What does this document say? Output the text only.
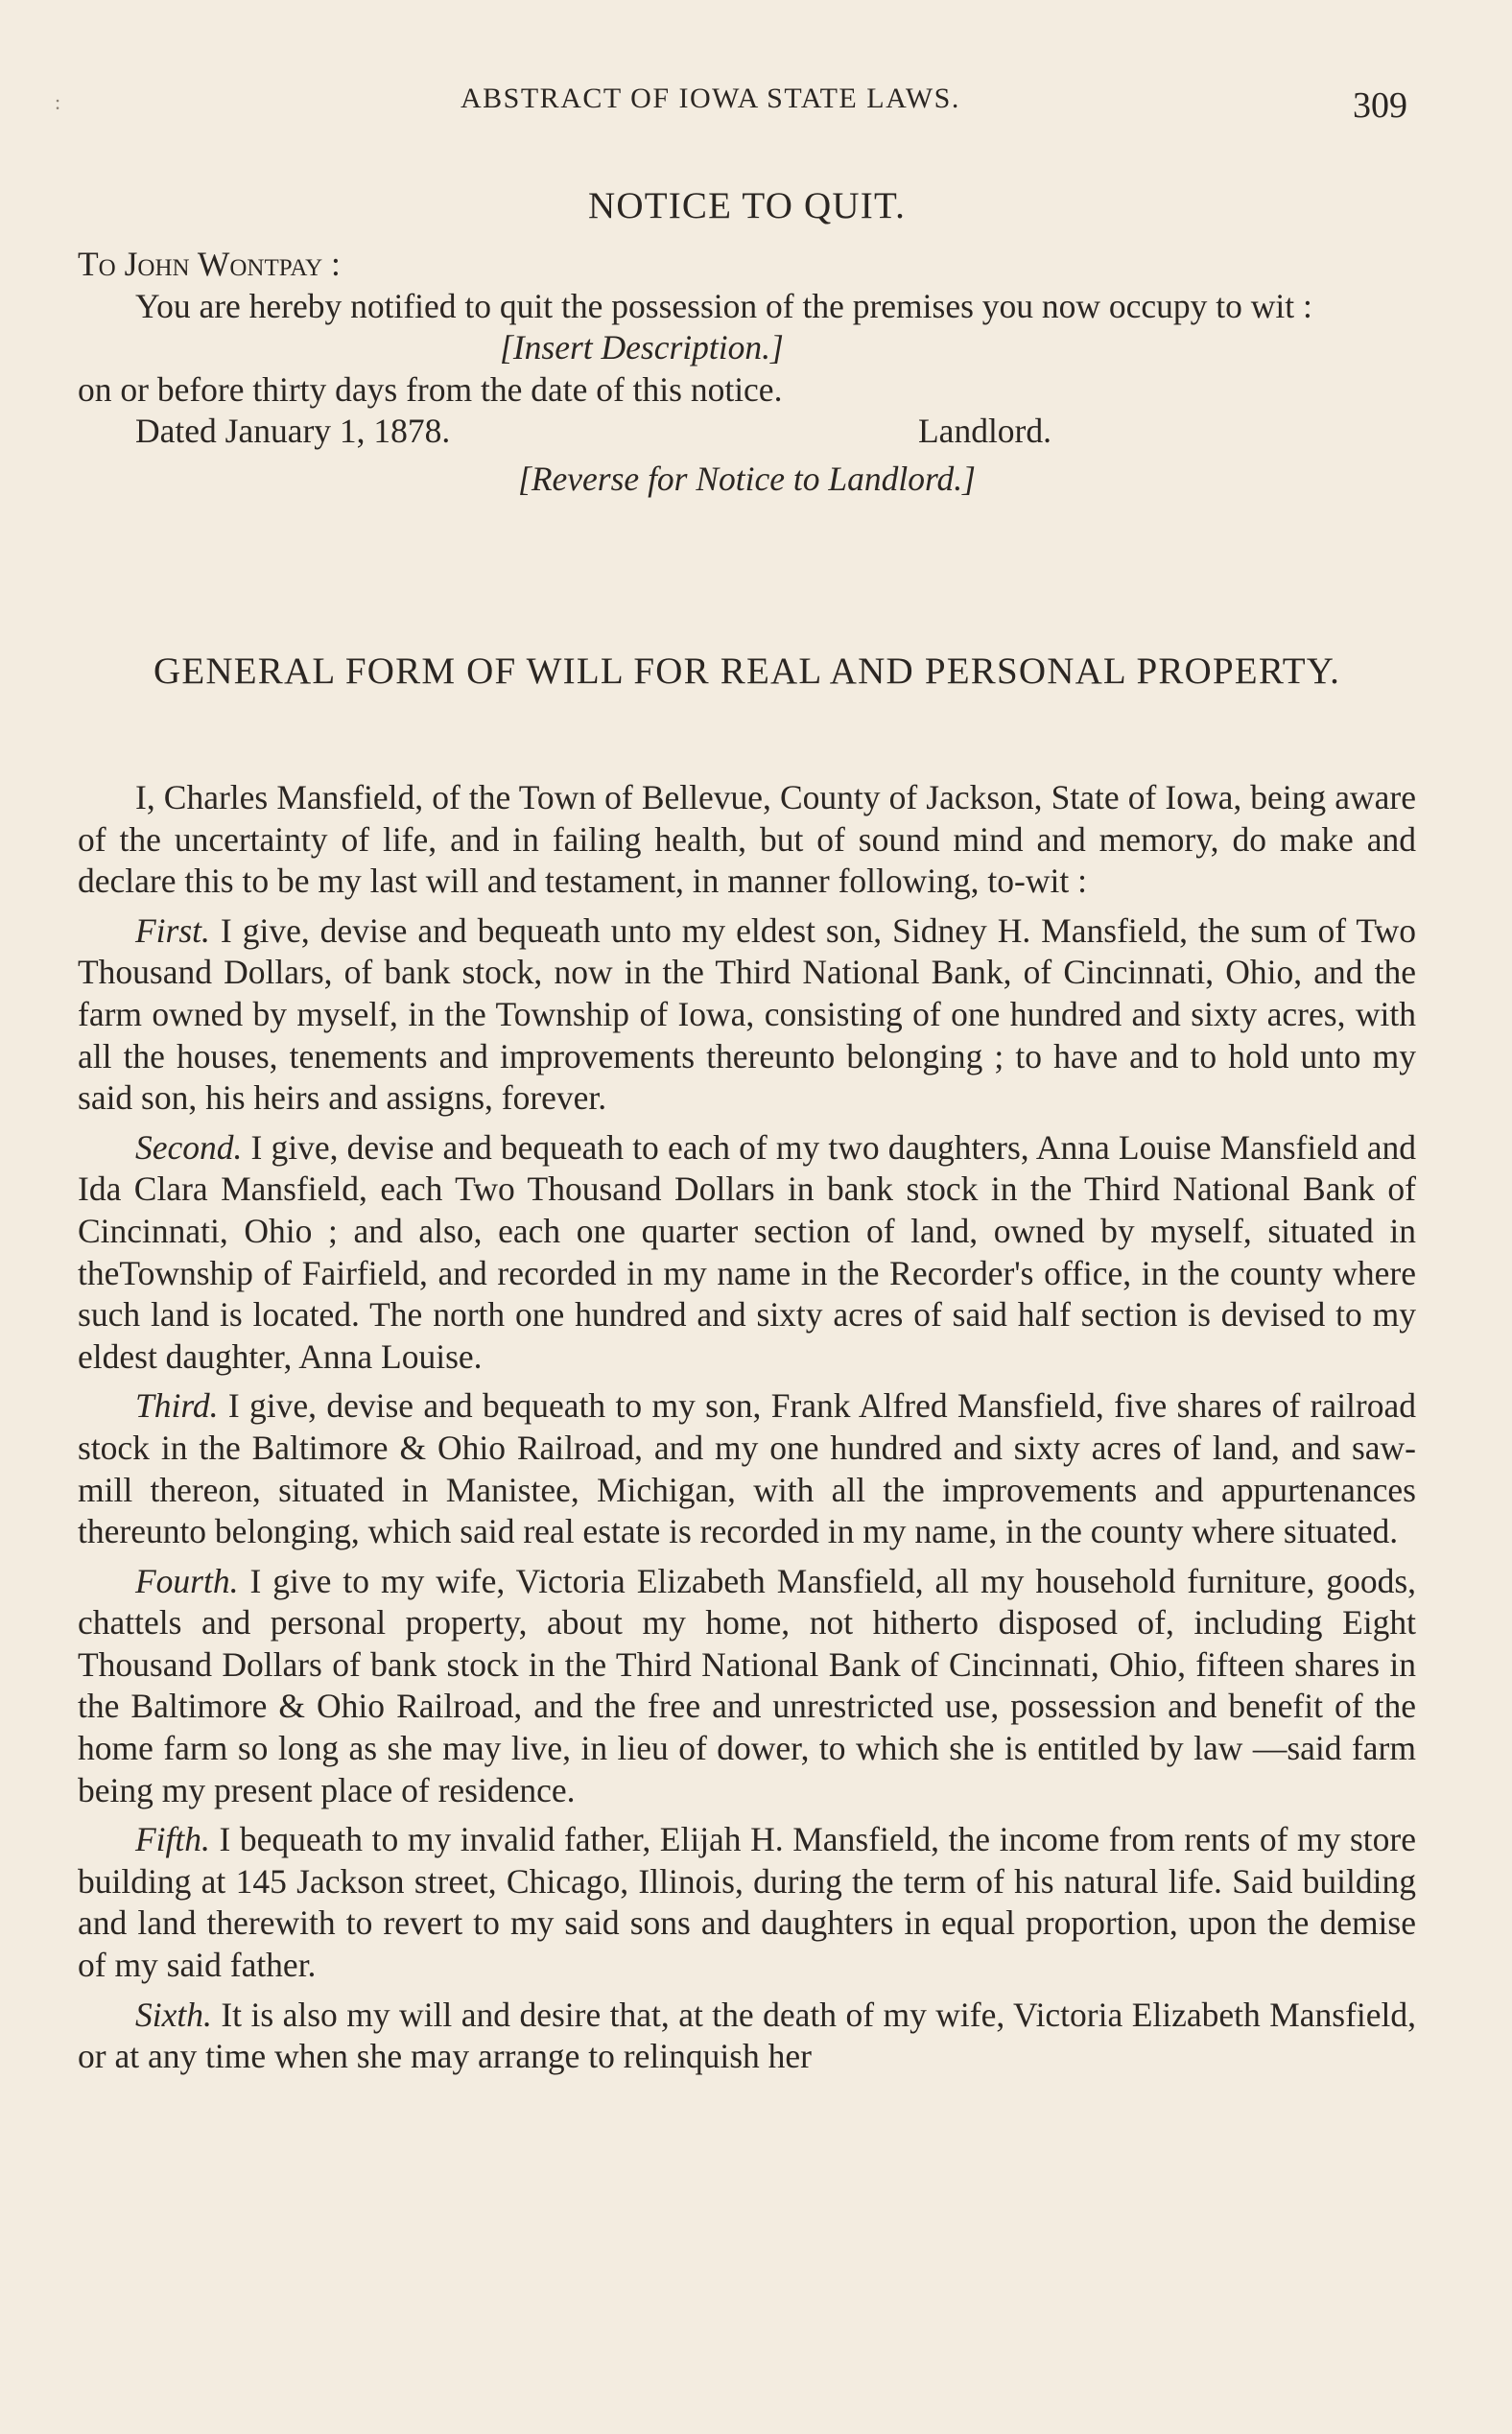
:	ABSTRACT OF IOWA STATE LAWS.	309
NOTICE TO QUIT.
To John Wontpay :
You are hereby notified to quit the possession of the premises you now occupy to wit :
[Insert Description.]
on or before thirty days from the date of this notice.
Dated January 1, 1878.	Landlord.
[Reverse for Notice to Landlord.]
GENERAL FORM OF WILL FOR REAL AND PERSONAL PROPERTY.

I, Charles Mansfield, of the Town of Bellevue, County of Jackson, State of Iowa, being aware of the uncertainty of life, and in failing health, but of sound mind and memory, do make and declare this to be my last will and testament, in manner following, to-wit :

First. I give, devise and bequeath unto my eldest son, Sidney H. Mansfield, the sum of Two Thousand Dollars, of bank stock, now in the Third National Bank, of Cincinnati, Ohio, and the farm owned by myself, in the Township of Iowa, consisting of one hundred and sixty acres, with all the houses, tenements and improvements thereunto belonging ; to have and to hold unto my said son, his heirs and assigns, forever.

Second. I give, devise and bequeath to each of my two daughters, Anna Louise Mansfield and Ida Clara Mansfield, each Two Thousand Dollars in bank stock in the Third National Bank of Cincinnati, Ohio ; and also, each one quarter section of land, owned by myself, situated in theTownship of Fairfield, and recorded in my name in the Recorder's office, in the county where such land is located. The north one hundred and sixty acres of said half section is devised to my eldest daughter, Anna Louise.

Third. I give, devise and bequeath to my son, Frank Alfred Mansfield, five shares of railroad stock in the Baltimore & Ohio Railroad, and my one hundred and sixty acres of land, and saw-mill thereon, situated in Manistee, Michigan, with all the improvements and appurtenances thereunto belonging, which said real estate is recorded in my name, in the county where situated.

Fourth. I give to my wife, Victoria Elizabeth Mansfield, all my household furniture, goods, chattels and personal property, about my home, not hitherto disposed of, including Eight Thousand Dollars of bank stock in the Third National Bank of Cincinnati, Ohio, fifteen shares in the Baltimore & Ohio Railroad, and the free and unrestricted use, possession and benefit of the home farm so long as she may live, in lieu of dower, to which she is entitled by law —said farm being my present place of residence.

Fifth. I bequeath to my invalid father, Elijah H. Mansfield, the income from rents of my store building at 145 Jackson street, Chicago, Illinois, during the term of his natural life. Said building and land therewith to revert to my said sons and daughters in equal proportion, upon the demise of my said father.

Sixth. It is also my will and desire that, at the death of my wife, Victoria Elizabeth Mansfield, or at any time when she may arrange to relinquish her
